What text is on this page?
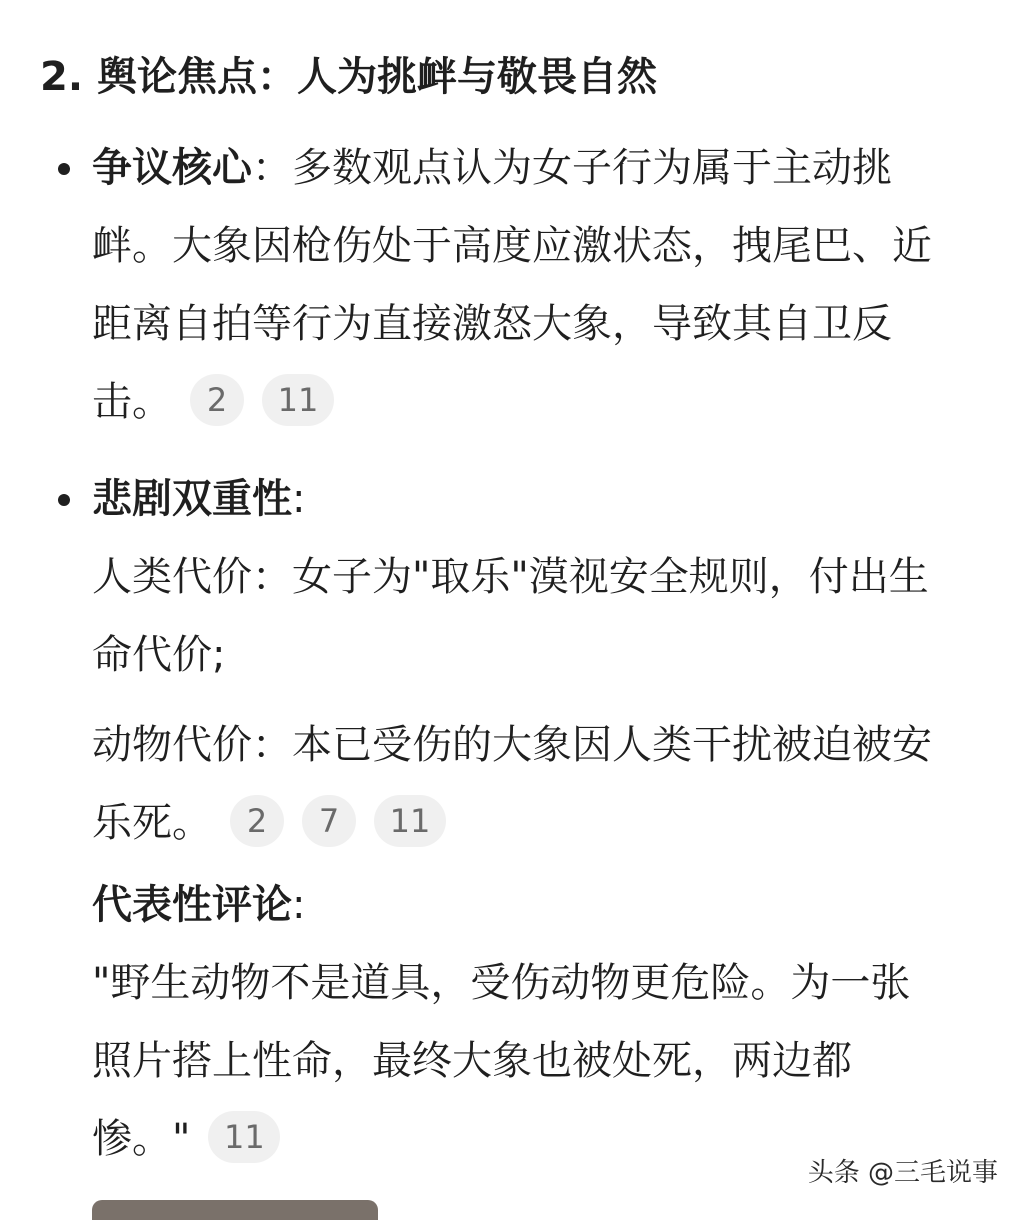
2. 舆论焦点：人为挑衅与敬畏自然
争议核心：多数观点认为女子行为属于主动挑
衅。大象因枪伤处于高度应激状态，拽尾巴、近
距离自拍等行为直接激怒大象，导致其自卫反
击。 2 11
悲剧双重性:
人类代价：女子为"取乐"漠视安全规则，付出生
命代价;
动物代价：本已受伤的大象因人类干扰被迫被安
乐死。 2 7 11
代表性评论:
"野生动物不是道具，受伤动物更危险。为一张
照片搭上性命，最终大象也被处死，两边都
惨。" 11
头条 @三毛说事
